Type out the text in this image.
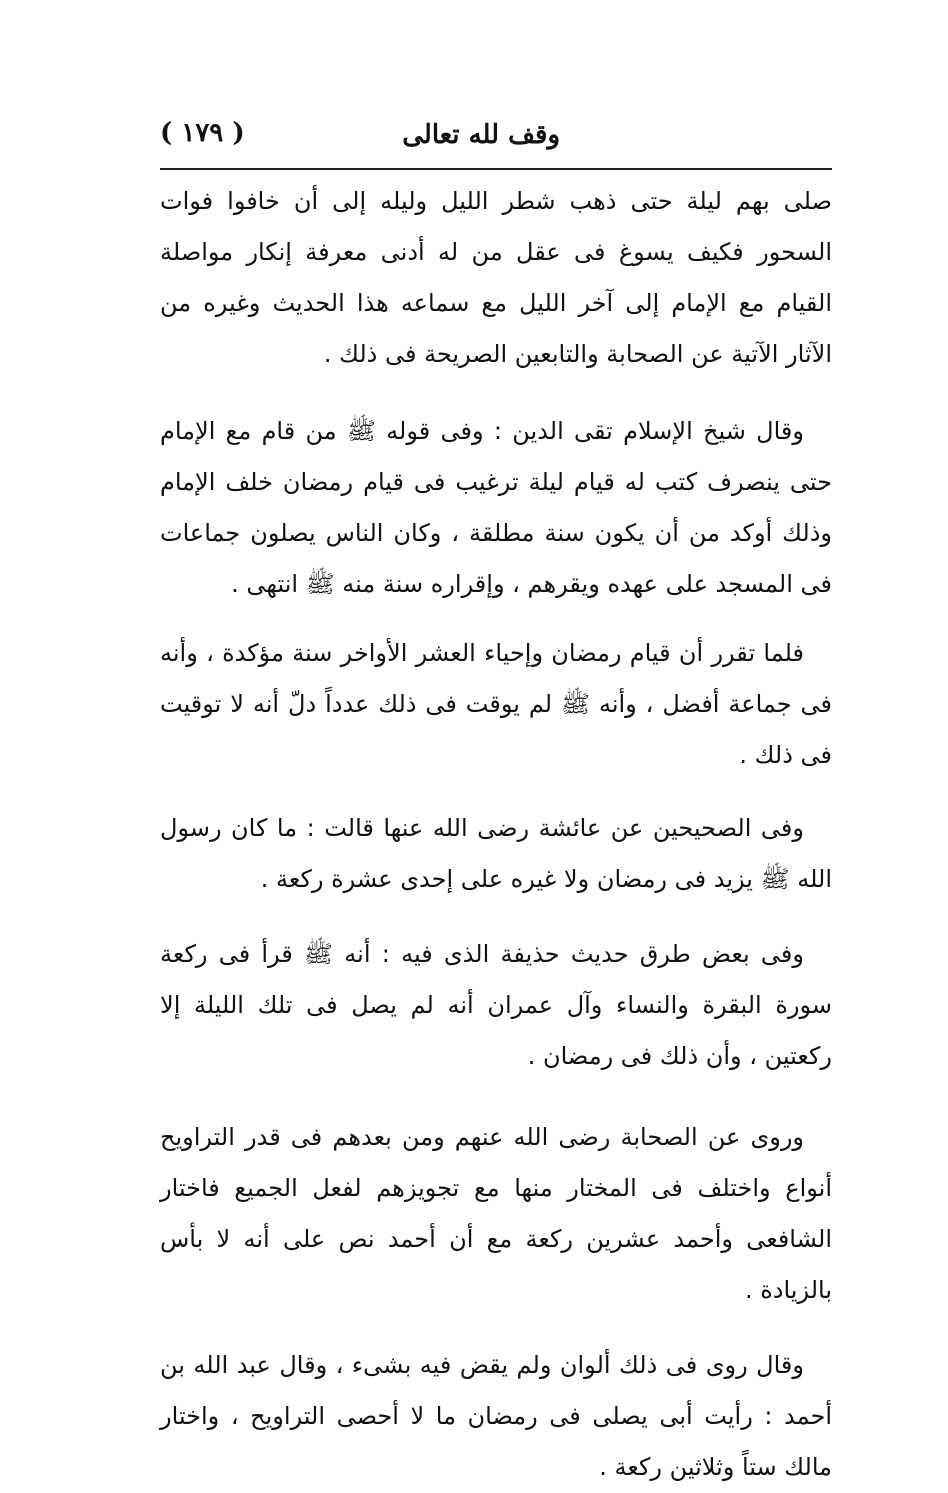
وقف لله تعالى
( ١٧٩ )

صلى بهم ليلة حتى ذهب شطر الليل وليله إلى أن خافوا فوات السحور فكيف يسوغ فى عقل من له أدنى معرفة إنكار مواصلة القيام مع الإمام إلى آخر الليل مع سماعه هذا الحديث وغيره من الآثار الآتية عن الصحابة والتابعين الصريحة فى ذلك .

وقال شيخ الإسلام تقى الدين : وفى قوله ﷺ من قام مع الإمام حتى ينصرف كتب له قيام ليلة ترغيب فى قيام رمضان خلف الإمام وذلك أوكد من أن يكون سنة مطلقة ، وكان الناس يصلون جماعات فى المسجد على عهده ويقرهم ، وإقراره سنة منه ﷺ انتهى .

فلما تقرر أن قيام رمضان وإحياء العشر الأواخر سنة مؤكدة ، وأنه فى جماعة أفضل ، وأنه ﷺ لم يوقت فى ذلك عدداً دلّ أنه لا توقيت فى ذلك .

وفى الصحيحين عن عائشة رضى الله عنها قالت : ما كان رسول الله ﷺ يزيد فى رمضان ولا غيره على إحدى عشرة ركعة .

وفى بعض طرق حديث حذيفة الذى فيه : أنه ﷺ قرأ فى ركعة سورة البقرة والنساء وآل عمران أنه لم يصل فى تلك الليلة إلا ركعتين ، وأن ذلك فى رمضان .

وروى عن الصحابة رضى الله عنهم ومن بعدهم فى قدر التراويح أنواع واختلف فى المختار منها مع تجويزهم لفعل الجميع فاختار الشافعى وأحمد عشرين ركعة مع أن أحمد نص على أنه لا بأس بالزيادة .

وقال روى فى ذلك ألوان ولم يقض فيه بشىء ، وقال عبد الله بن أحمد : رأيت أبى يصلى فى رمضان ما لا أحصى التراويح ، واختار مالك ستاً وثلاثين ركعة .
